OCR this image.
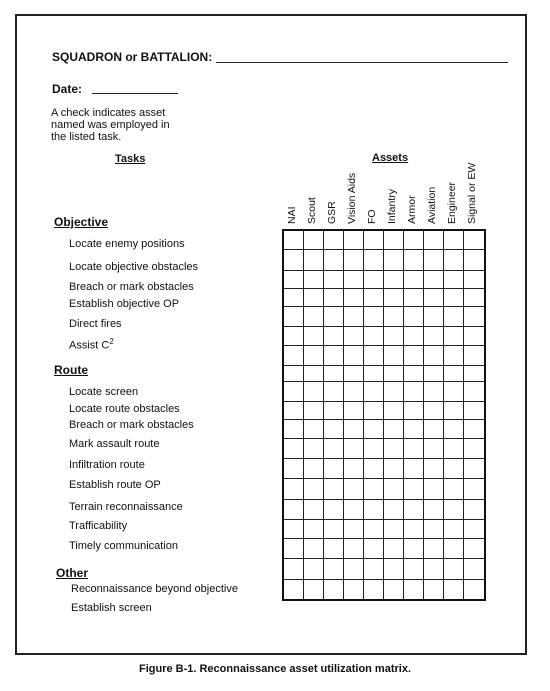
SQUADRON or BATTALION:
Date:
A check indicates asset
named was employed in
the listed task.
Tasks	Assets
NAI Scout GSR Vision Aids FO Infantry Armor Aviation Engineer Signal or EW
Objective
Locate enemy positions
Locate objective obstacles
Breach or mark obstacles
Establish objective OP
Direct fires
Assist $C^2$
Route
Locate screen
Locate route obstacles
Breach or mark obstacles
Mark assault route
Infiltration route
Establish route OP
Terrain reconnaissance
Trafficability
Timely communication
Other
Reconnaissance beyond objective
Establish screen
Figure B-1. Reconnaissance asset utilization matrix.
